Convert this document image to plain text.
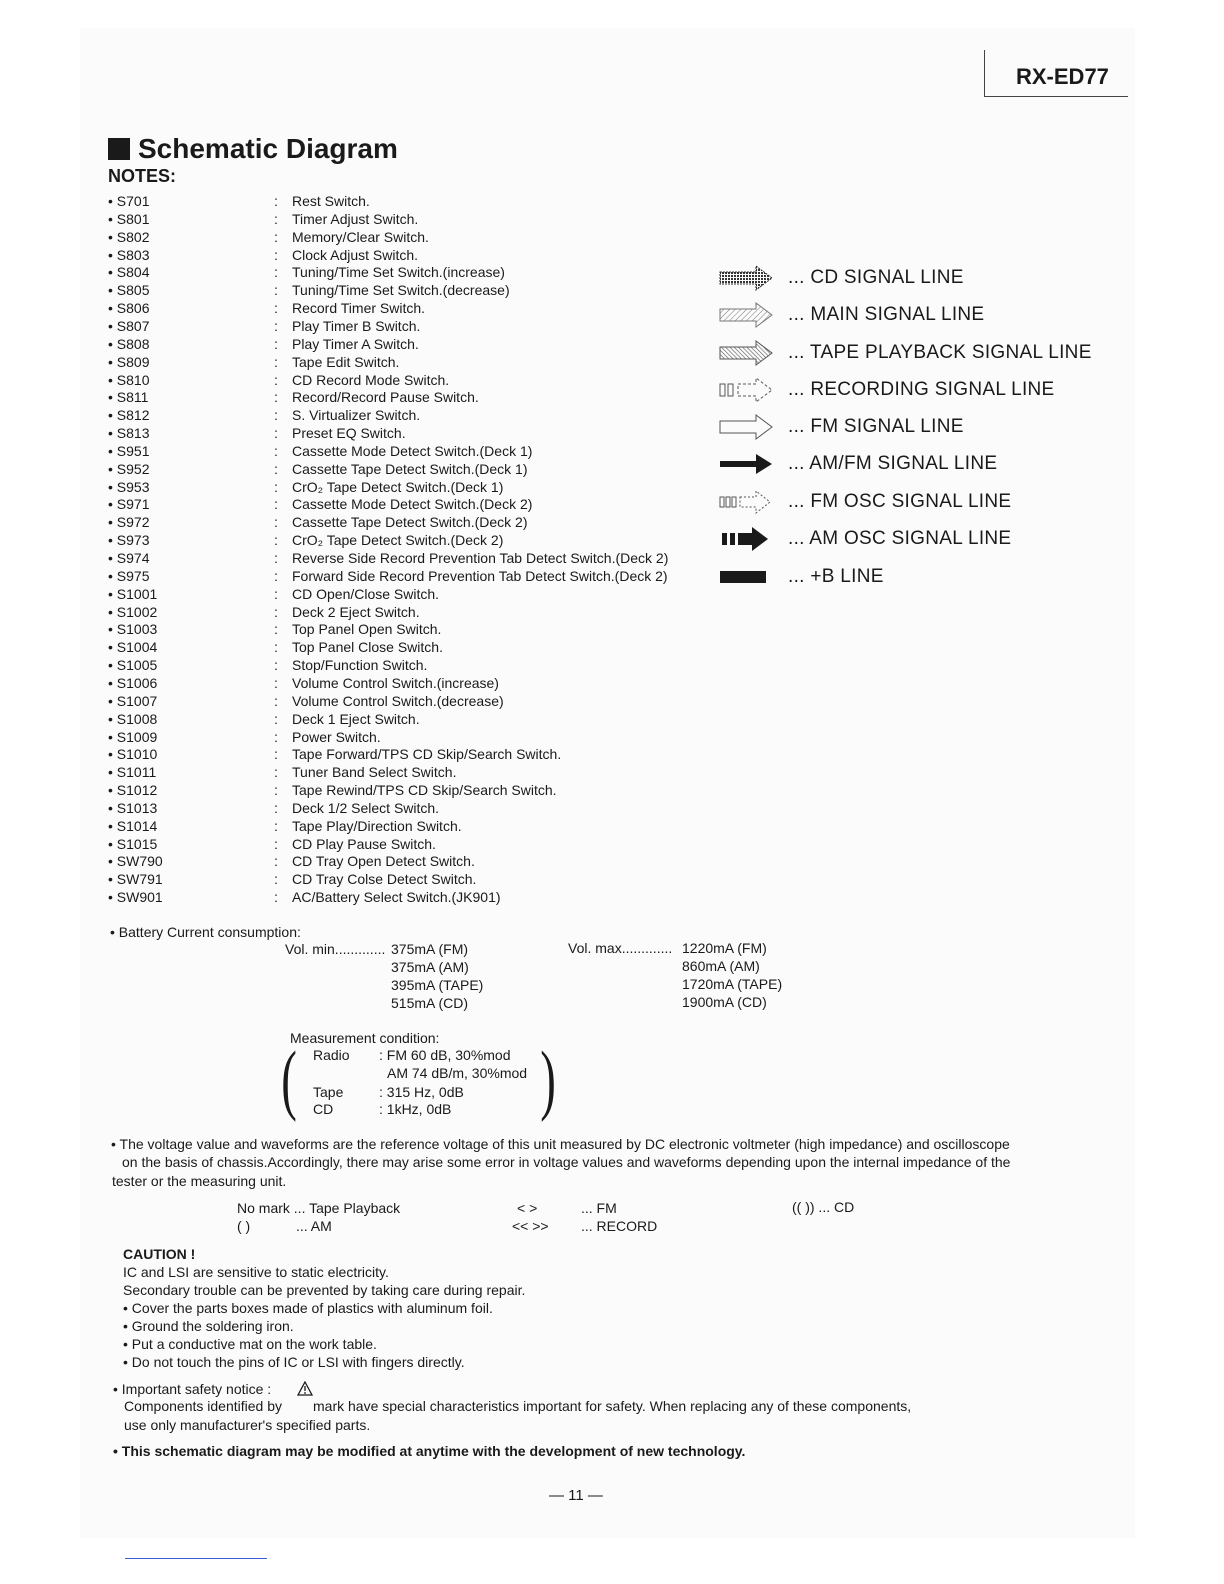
RX-ED77
Schematic Diagram
NOTES:
• S701	: Rest Switch.
• S801	: Timer Adjust Switch.
• S802	: Memory/Clear Switch.
• S803	: Clock Adjust Switch.
• S804	: Tuning/Time Set Switch.(increase)
• S805	: Tuning/Time Set Switch.(decrease)
• S806	: Record Timer Switch.
• S807	: Play Timer B Switch.
• S808	: Play Timer A Switch.
• S809	: Tape Edit Switch.
• S810	: CD Record Mode Switch.
• S811	: Record/Record Pause Switch.
• S812	: S. Virtualizer Switch.
• S813	: Preset EQ Switch.
• S951	: Cassette Mode Detect Switch.(Deck 1)
• S952	: Cassette Tape Detect Switch.(Deck 1)
• S953	: CrO₂ Tape Detect Switch.(Deck 1)
• S971	: Cassette Mode Detect Switch.(Deck 2)
• S972	: Cassette Tape Detect Switch.(Deck 2)
• S973	: CrO₂ Tape Detect Switch.(Deck 2)
• S974	: Reverse Side Record Prevention Tab Detect Switch.(Deck 2)
• S975	: Forward Side Record Prevention Tab Detect Switch.(Deck 2)
• S1001	: CD Open/Close Switch.
• S1002	: Deck 2 Eject Switch.
• S1003	: Top Panel Open Switch.
• S1004	: Top Panel Close Switch.
• S1005	: Stop/Function Switch.
• S1006	: Volume Control Switch.(increase)
• S1007	: Volume Control Switch.(decrease)
• S1008	: Deck 1 Eject Switch.
• S1009	: Power Switch.
• S1010	: Tape Forward/TPS CD Skip/Search Switch.
• S1011	: Tuner Band Select Switch.
• S1012	: Tape Rewind/TPS CD Skip/Search Switch.
• S1013	: Deck 1/2 Select Switch.
• S1014	: Tape Play/Direction Switch.
• S1015	: CD Play Pause Switch.
• SW790	: CD Tray Open Detect Switch.
• SW791	: CD Tray Colse Detect Switch.
• SW901	: AC/Battery Select Switch.(JK901)
... CD SIGNAL LINE
... MAIN SIGNAL LINE
... TAPE PLAYBACK SIGNAL LINE
... RECORDING SIGNAL LINE
... FM SIGNAL LINE
... AM/FM SIGNAL LINE
... FM OSC SIGNAL LINE
... AM OSC SIGNAL LINE
... +B LINE
• Battery Current consumption:
Vol. min............. 375mA (FM)
375mA (AM)
395mA (TAPE)
515mA (CD)
Vol. max............. 1220mA (FM)
860mA (AM)
1720mA (TAPE)
1900mA (CD)
Measurement condition:
(	)
Radio : FM 60 dB, 30%mod
AM 74 dB/m, 30%mod
Tape	: 315 Hz, 0dB
CD	: 1kHz, 0dB
• The voltage value and waveforms are the reference voltage of this unit measured by DC electronic voltmeter (high impedance) and oscilloscope
on the basis of chassis.Accordingly, there may arise some error in voltage values and waveforms depending upon the internal impedance of the
tester or the measuring unit.
No mark ... Tape Playback
( )	... AM
< >	... FM
<< >> ... RECORD
(( )) ... CD
CAUTION !
IC and LSI are sensitive to static electricity.
Secondary trouble can be prevented by taking care during repair.
• Cover the parts boxes made of plastics with aluminum foil.
• Ground the soldering iron.
• Put a conductive mat on the work table.
• Do not touch the pins of IC or LSI with fingers directly.
• Important safety notice :
Components identified by mark have special characteristics important for safety. When replacing any of these components,
use only manufacturer's specified parts.
• This schematic diagram may be modified at anytime with the development of new technology.
— 11 —
